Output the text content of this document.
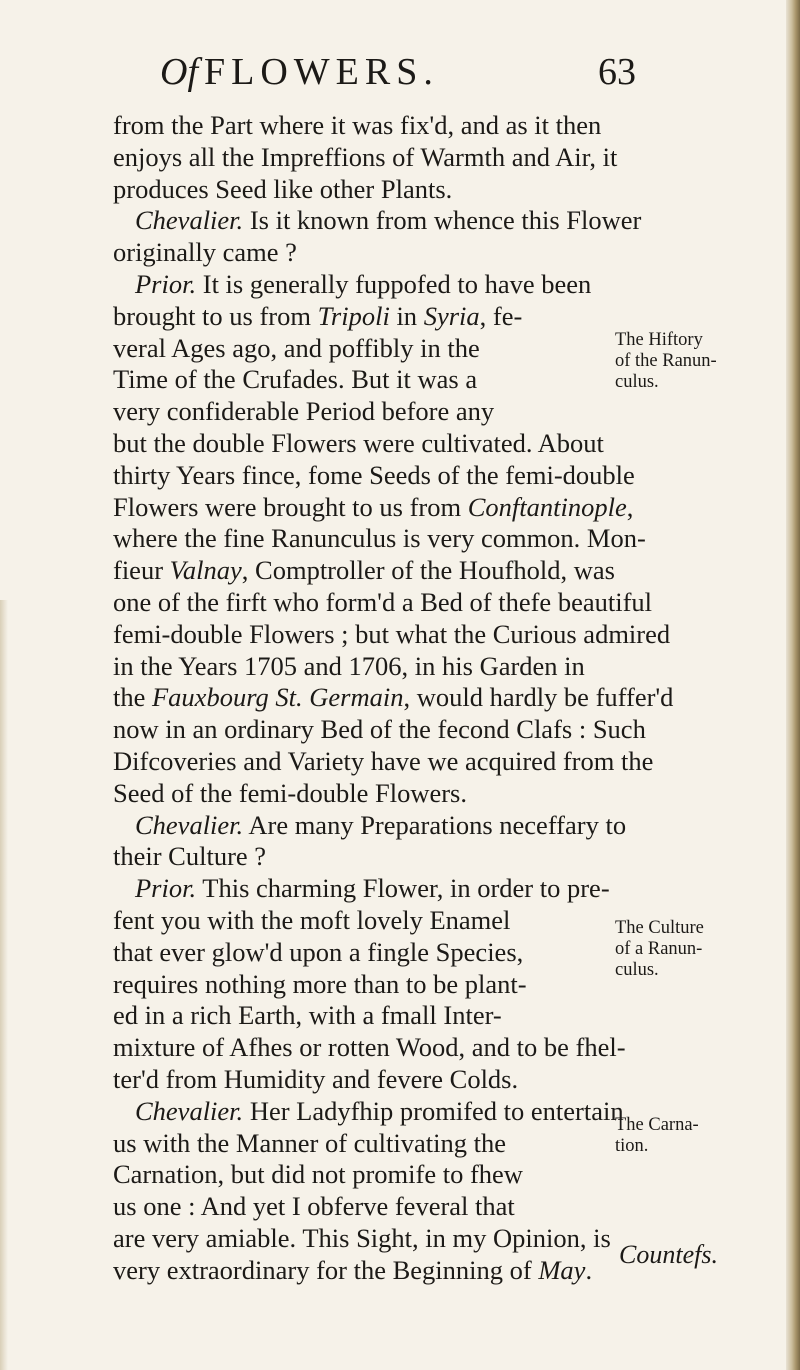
Of FLOWERS.	63
from the Part where it was fix'd, and as it then
enjoys all the Impreffions of Warmth and Air, it
produces Seed like other Plants.
Chevalier. Is it known from whence this Flower
originally came ?
Prior. It is generally fuppofed to have been
brought to us from Tripoli in Syria, fe-
veral Ages ago, and poffibly in the
Time of the Crufades. But it was a
very confiderable Period before any
but the double Flowers were cultivated. About
thirty Years fince, fome Seeds of the femi-double
Flowers were brought to us from Conftantinople,
where the fine Ranunculus is very common. Mon-
fieur Valnay, Comptroller of the Houfhold, was
one of the firft who form'd a Bed of thefe beautiful
femi-double Flowers ; but what the Curious admired
in the Years 1705 and 1706, in his Garden in
the Fauxbourg St. Germain, would hardly be fuffer'd
now in an ordinary Bed of the fecond Clafs : Such
Difcoveries and Variety have we acquired from the
Seed of the femi-double Flowers.
Chevalier. Are many Preparations neceffary to
their Culture ?
Prior. This charming Flower, in order to pre-
fent you with the moft lovely Enamel
that ever glow'd upon a fingle Species,
requires nothing more than to be plant-
ed in a rich Earth, with a fmall Inter-
mixture of Afhes or rotten Wood, and to be fhel-
ter'd from Humidity and fevere Colds.
Chevalier. Her Ladyfhip promifed to entertain
us with the Manner of cultivating the
Carnation, but did not promife to fhew
us one : And yet I obferve feveral that
are very amiable. This Sight, in my Opinion, is
very extraordinary for the Beginning of May.
The Hiftory
of the Ranun-
culus.
The Culture
of a Ranun-
culus.
The Carna-
tion.
Countefs.
